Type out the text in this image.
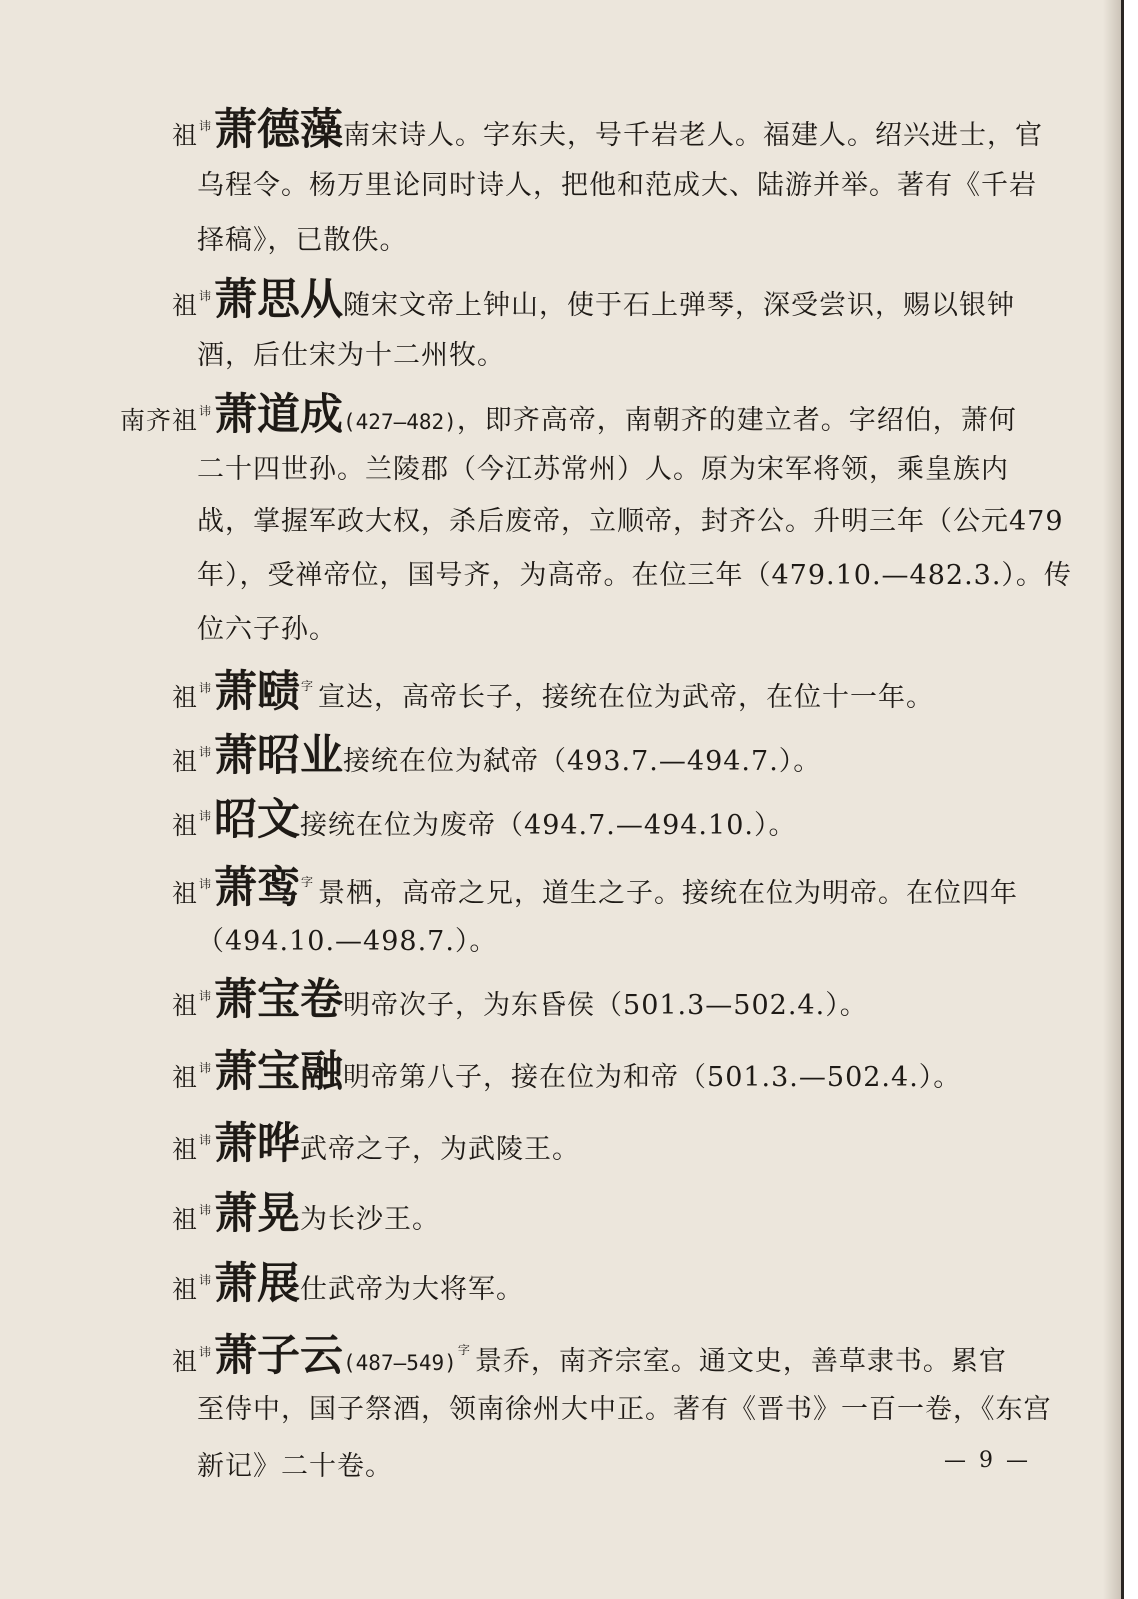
祖$^讳$萧德藻南宋诗人。字东夫，号千岩老人。福建人。绍兴进士，官
乌程令。杨万里论同时诗人，把他和范成大、陆游并举。著有《千岩
择稿》，已散佚。
祖$^讳$萧思从随宋文帝上钟山，使于石上弹琴，深受尝识，赐以银钟
酒，后仕宋为十二州牧。
南齐祖$^讳$萧道成(427—482)，即齐高帝，南朝齐的建立者。字绍伯，萧何
二十四世孙。兰陵郡（今江苏常州）人。原为宋军将领，乘皇族内
战，掌握军政大权，杀后废帝，立顺帝，封齐公。升明三年（公元479
年），受禅帝位，国号齐，为高帝。在位三年（479.10.—482.3.）。传
位六子孙。
祖$^讳$萧赜$^字$ 宣达，高帝长子，接统在位为武帝，在位十一年。
祖$^讳$萧昭业接统在位为弑帝（493.7.—494.7.）。
祖$^讳$昭文接统在位为废帝（494.7.—494.10.）。
祖$^讳$萧鸾$^字$ 景栖，高帝之兄，道生之子。接统在位为明帝。在位四年
（494.10.—498.7.）。
祖$^讳$萧宝卷明帝次子，为东昏侯（501.3—502.4.）。
祖$^讳$萧宝融明帝第八子，接在位为和帝（501.3.—502.4.）。
祖$^讳$萧晔武帝之子，为武陵王。
祖$^讳$萧晃为长沙王。
祖$^讳$萧展仕武帝为大将军。
祖$^讳$萧子云(487—549)$^字$ 景乔，南齐宗室。通文史，善草隶书。累官
至侍中，国子祭酒，领南徐州大中正。著有《晋书》一百一卷，《东宫
新记》二十卷。	— 9 —
